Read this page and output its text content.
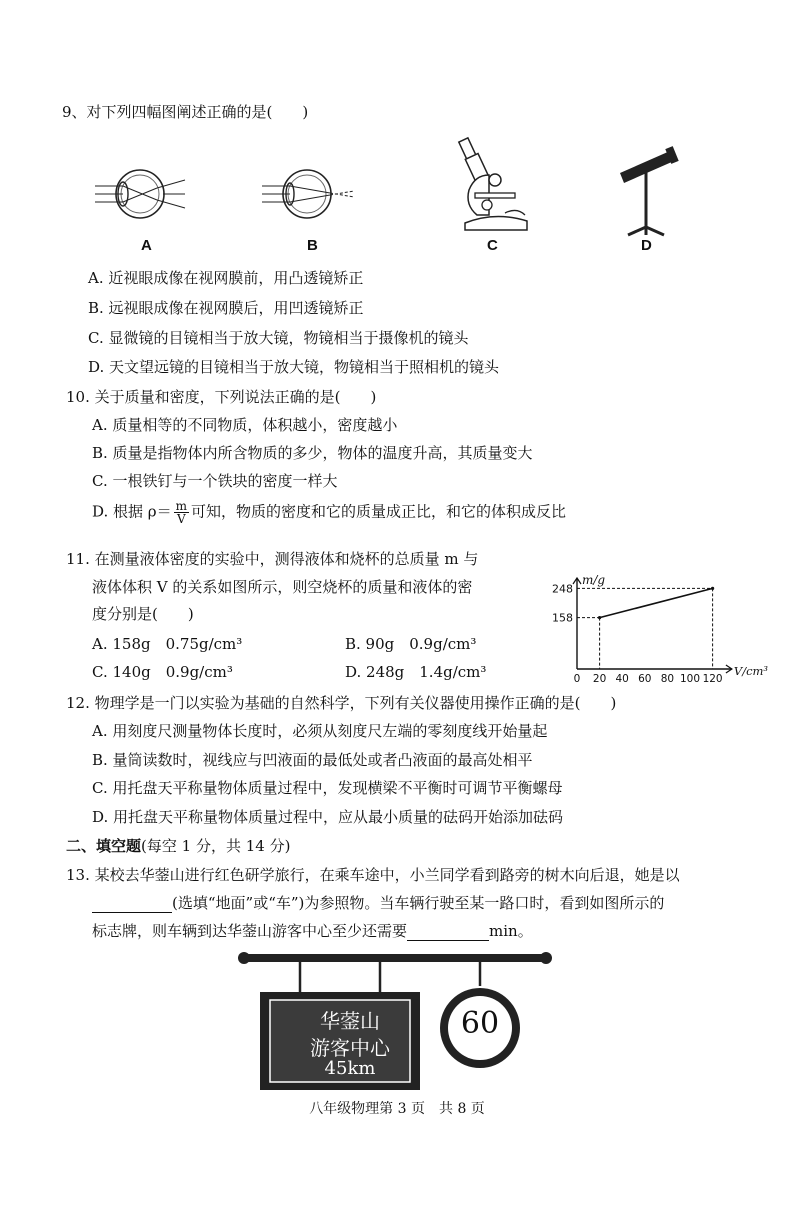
9、对下列四幅图阐述正确的是(　　)
A	B	C	D
A. 近视眼成像在视网膜前，用凸透镜矫正
B. 远视眼成像在视网膜后，用凹透镜矫正
C. 显微镜的目镜相当于放大镜，物镜相当于摄像机的镜头
D. 天文望远镜的目镜相当于放大镜，物镜相当于照相机的镜头
10. 关于质量和密度，下列说法正确的是(　　)
A. 质量相等的不同物质，体积越小，密度越小
B. 质量是指物体内所含物质的多少，物体的温度升高，其质量变大
C. 一根铁钉与一个铁块的密度一样大
D. 根据 $\rho= \frac{m}{V}$ 可知，物质的密度和它的质量成正比，和它的体积成反比
11. 在测量液体密度的实验中，测得液体和烧杯的总质量 m 与
液体体积 V 的关系如图所示，则空烧杯的质量和液体的密
度分别是(　　)
A. 158g　0.75g/cm³	B. 90g　0.9g/cm³
C. 140g　0.9g/cm³	D. 248g　1.4g/cm³	0 20 40 60 80 100 120
158
248
m/g
V/cm³
12. 物理学是一门以实验为基础的自然科学，下列有关仪器使用操作正确的是(　　)
A. 用刻度尺测量物体长度时，必须从刻度尺左端的零刻度线开始量起
B. 量筒读数时，视线应与凹液面的最低处或者凸液面的最高处相平
C. 用托盘天平称量物体质量过程中，发现横梁不平衡时可调节平衡螺母
D. 用托盘天平称量物体质量过程中，应从最小质量的砝码开始添加砝码
二、填空题(每空 1 分，共 14 分)
13. 某校去华蓥山进行红色研学旅行，在乘车途中，小兰同学看到路旁的树木向后退，她是以
(选填“地面”或“车”)为参照物。当车辆行驶至某一路口时，看到如图所示的
标志牌，则车辆到达华蓥山游客中心至少还需要	min。
华蓥山
游客中心
45km
60
八年级物理第 3 页　共 8 页
